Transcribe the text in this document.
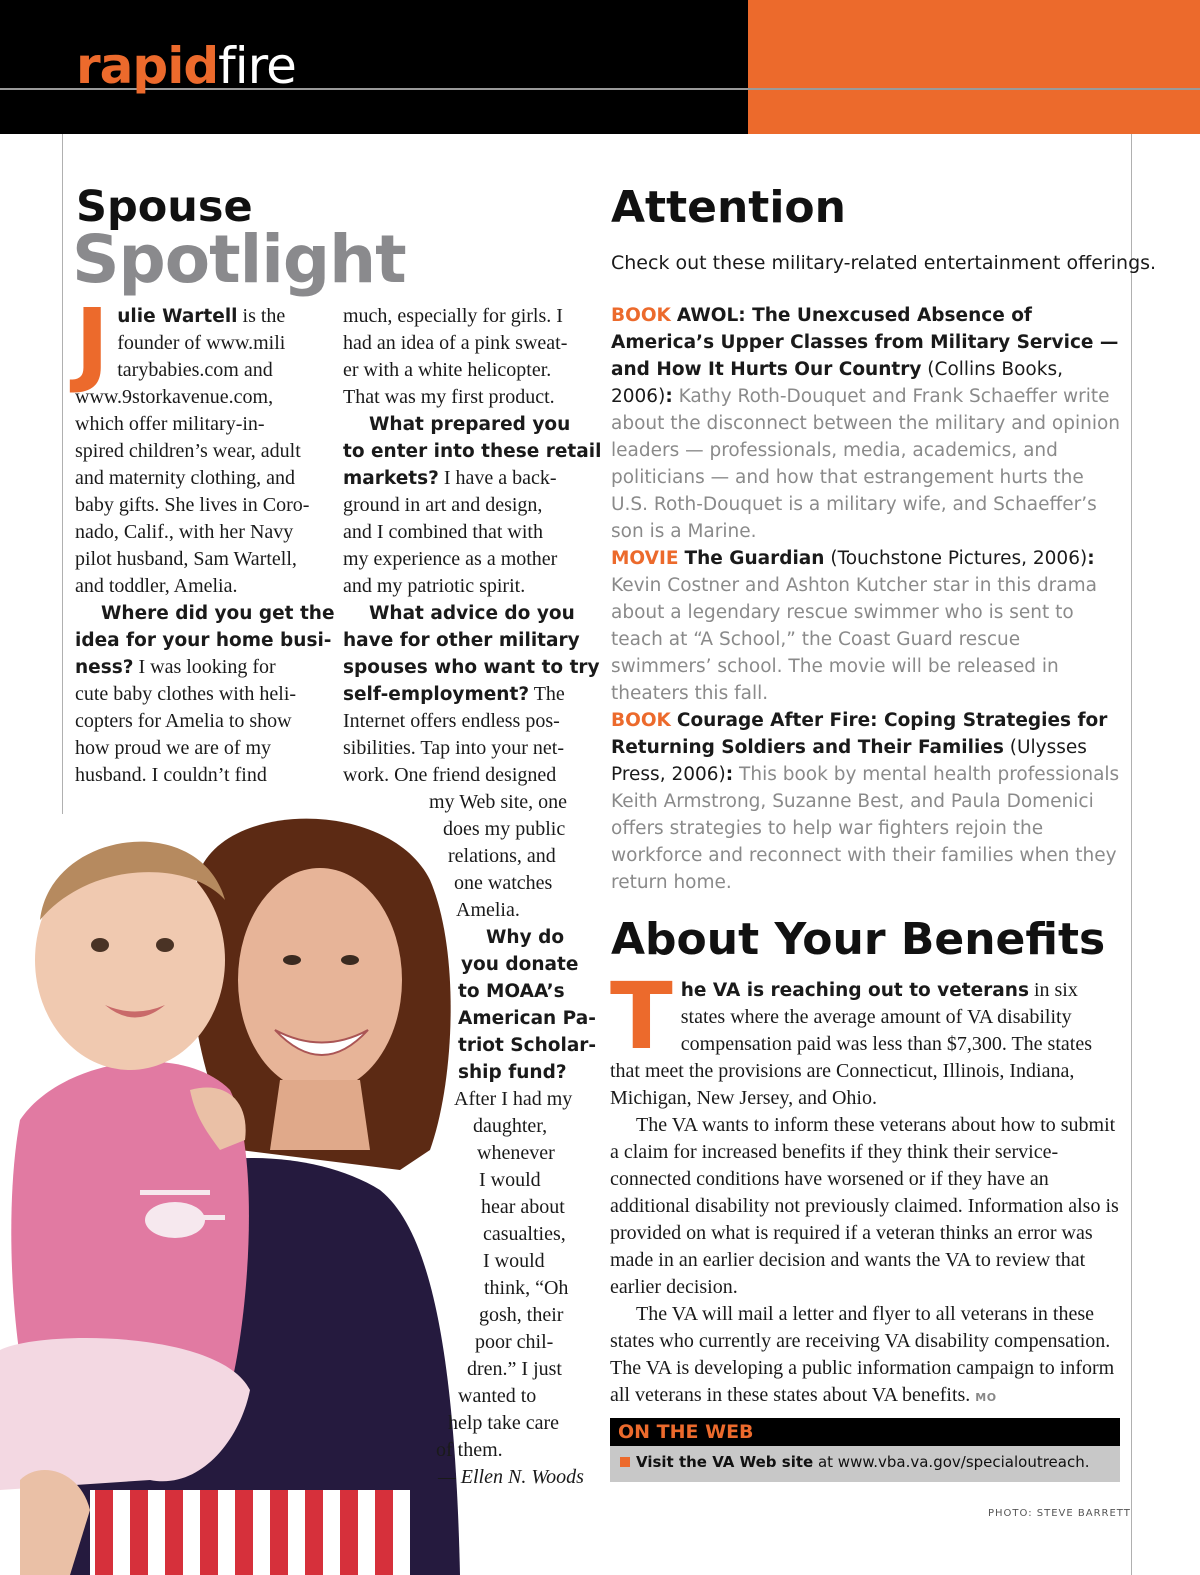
rapidfire
Spouse
Spotlight
J ulie Wartell is the
founder of www.mili
tarybabies.com and
www.9storkavenue.com,
which offer military-in-
spired children’s wear, adult
and maternity clothing, and
baby gifts. She lives in Coro-
nado, Calif., with her Navy
pilot husband, Sam Wartell,
and toddler, Amelia.
Where did you get the
idea for your home busi-
ness? I was looking for
cute baby clothes with heli-
copters for Amelia to show
how proud we are of my
husband. I couldn’t find
much, especially for girls. I
had an idea of a pink sweat-
er with a white helicopter.
That was my first product.
What prepared you
to enter into these retail
markets? I have a back-
ground in art and design,
and I combined that with
my experience as a mother
and my patriotic spirit.
What advice do you
have for other military
spouses who want to try
self-employment? The
Internet offers endless pos-
sibilities. Tap into your net-
work. One friend designed
my Web site, one
does my public
relations, and
one watches
Amelia.
Why do
you donate
to MOAA’s
American Pa-
triot Scholar-
ship fund?
After I had my
daughter,
whenever
I would
hear about
casualties,
I would
think, “Oh
gosh, their
poor chil-
dren.” I just
wanted to
help take care
of them.
— Ellen N. Woods
Attention
Check out these military-related entertainment offerings.
BOOK AWOL: The Unexcused Absence of America’s Upper Classes from Military Service — and How It Hurts Our Country (Collins Books, 2006): Kathy Roth-Douquet and Frank Schaeffer write about the disconnect between the military and opinion leaders — professionals, media, academics, and politicians — and how that estrangement hurts the U.S. Roth-Douquet is a military wife, and Schaeffer’s son is a Marine.
MOVIE The Guardian (Touchstone Pictures, 2006): Kevin Costner and Ashton Kutcher star in this drama about a legendary rescue swimmer who is sent to teach at “A School,” the Coast Guard rescue swimmers’ school. The movie will be released in theaters this fall.
BOOK Courage After Fire: Coping Strategies for Returning Soldiers and Their Families (Ulysses Press, 2006): This book by mental health professionals Keith Armstrong, Suzanne Best, and Paula Domenici offers strategies to help war fighters rejoin the workforce and reconnect with their families when they return home.
About Your Benefits

The VA is reaching out to veterans in six states where the average amount of VA disability compensation paid was less than $7,300. The states that meet the provisions are Connecticut, Illinois, Indiana, Michigan, New Jersey, and Ohio.

The VA wants to inform these veterans about how to submit a claim for increased benefits if they think their service-connected conditions have worsened or if they have an additional disability not previously claimed. Information also is provided on what is required if a veteran thinks an error was made in an earlier decision and wants the VA to review that earlier decision.

The VA will mail a letter and flyer to all veterans in these states who currently are receiving VA disability compensation. The VA is developing a public information campaign to inform all veterans in these states about VA benefits. MO

ON THE WEB
Visit the VA Web site at www.vba.va.gov/specialoutreach.
PHOTO: STEVE BARRETT
